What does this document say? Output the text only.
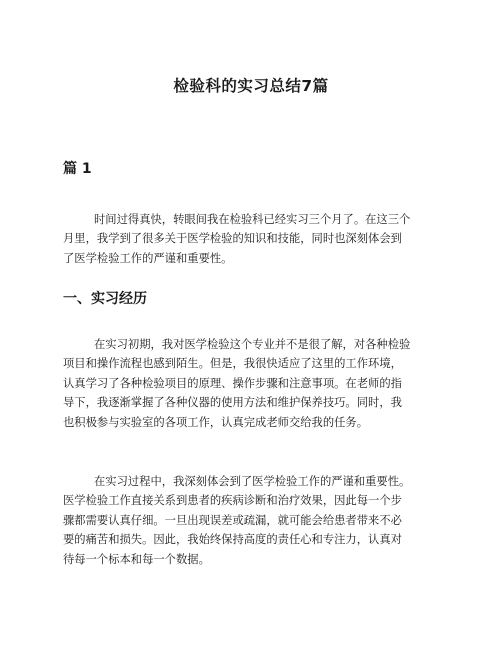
检验科的实习总结7篇
篇 1
时间过得真快，转眼间我在检验科已经实习三个月了。在这三个
月里，我学到了很多关于医学检验的知识和技能，同时也深刻体会到
了医学检验工作的严谨和重要性。
一、实习经历
在实习初期，我对医学检验这个专业并不是很了解，对各种检验
项目和操作流程也感到陌生。但是，我很快适应了这里的工作环境，
认真学习了各种检验项目的原理、操作步骤和注意事项。在老师的指
导下，我逐渐掌握了各种仪器的使用方法和维护保养技巧。同时，我
也积极参与实验室的各项工作，认真完成老师交给我的任务。
在实习过程中，我深刻体会到了医学检验工作的严谨和重要性。
医学检验工作直接关系到患者的疾病诊断和治疗效果，因此每一个步
骤都需要认真仔细。一旦出现误差或疏漏，就可能会给患者带来不必
要的痛苦和损失。因此，我始终保持高度的责任心和专注力，认真对
待每一个标本和每一个数据。
